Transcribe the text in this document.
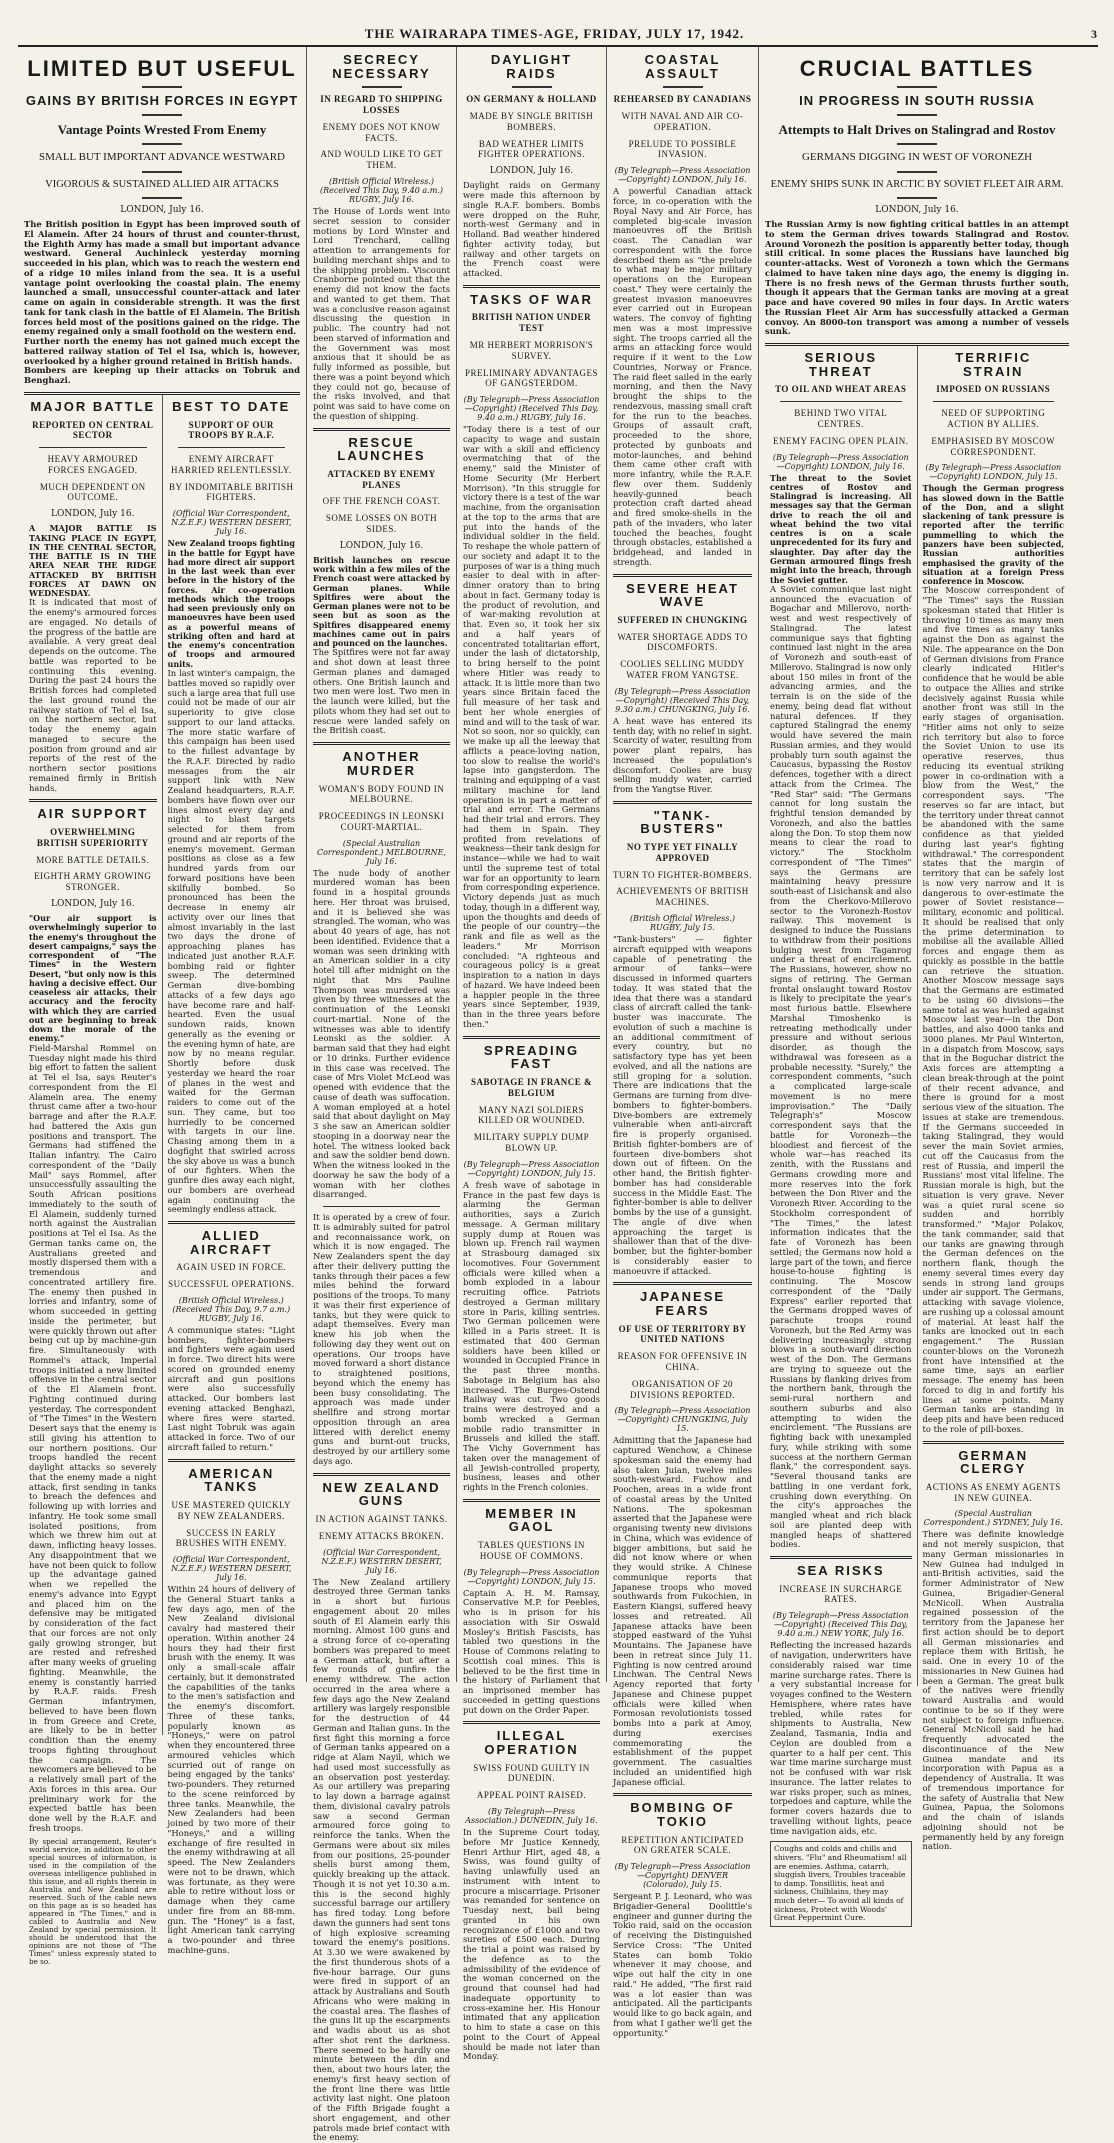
THE WAIRARAPA TIMES-AGE, FRIDAY, JULY 17, 1942.	3
LIMITED BUT USEFUL
GAINS BY BRITISH FORCES IN EGYPT
Vantage Points Wrested From Enemy
SMALL BUT IMPORTANT ADVANCE WESTWARD
VIGOROUS & SUSTAINED ALLIED AIR ATTACKS
LONDON, July 16.

The British position in Egypt has been improved south of El Alamein. After 24 hours of thrust and counter-thrust, the Eighth Army has made a small but important advance westward. General Auchinleck yesterday morning succeeded in his plan, which was to reach the western end of a ridge 10 miles inland from the sea. It is a useful vantage point overlooking the coastal plain. The enemy launched a small, unsuccessful counter-attack and later came on again in considerable strength. It was the first tank for tank clash in the battle of El Alamein. The British forces held most of the positions gained on the ridge. The enemy regained only a small foothold on the western end.

Further north the enemy has not gained much except the battered railway station of Tel el Isa, which is, however, overlooked by a higher ground retained in British hands.

Bombers are keeping up their attacks on Tobruk and Benghazi.

MAJOR BATTLE
REPORTED ON CENTRAL SECTOR
HEAVY ARMOURED FORCES ENGAGED.
MUCH DEPENDENT ON OUTCOME.
LONDON, July 16.

A MAJOR BATTLE IS TAKING PLACE IN EGYPT, IN THE CENTRAL SECTOR, THE BATTLE IS IN THE AREA NEAR THE RIDGE ATTACKED BY BRITISH FORCES AT DAWN ON WEDNESDAY.

It is indicated that most of the enemy's armoured forces are engaged. No details of the progress of the battle are available. A very great deal depends on the outcome. The battle was reported to be continuing this evening. During the past 24 hours the British forces had completed the last ground round the railway station of Tel el Isa, on the northern sector, but today the enemy again managed to secure the position from ground and air reports of the rest of the northern sector positions remained firmly in British hands.

AIR SUPPORT
OVERWHELMING BRITISH SUPERIORITY
MORE BATTLE DETAILS.
EIGHTH ARMY GROWING STRONGER.
LONDON, July 16.

"Our air support is overwhelmingly superior to the enemy's throughout the desert campaigns," says the correspondent of "The Times" in the Western Desert, "but only now is this having a decisive effect. Our ceaseless air attacks, their accuracy and the ferocity with which they are carried out are beginning to break down the morale of the enemy."

Field-Marshal Rommel on Tuesday night made his third big effort to fatten the salient at Tel el Isa, says Reuter's correspondent from the El Alamein area. The enemy thrust came after a two-hour barrage and after the R.A.F. had battered the Axis gun positions and transport. The Germans had stiffened the Italian infantry. The Cairo correspondent of the "Daily Mail" says Rommel, after unsuccessfully assaulting the South African positions immediately to the south of El Alamein, suddenly turned north against the Australian positions at Tel el Isa. As the German tanks came on, the Australians greeted and mostly dispersed them with a tremendous and concentrated artillery fire. The enemy then pushed in lorries and infantry, some of whom succeeded in getting inside the perimeter, but were quickly thrown out after being cut up by machine-gun fire. Simultaneously with Rommel's attack, Imperial troops initiated a new limited offensive in the central sector of the El Alamein front. Fighting continued during yesterday. The correspondent of "The Times" in the Western Desert says that the enemy is still giving his attention to our northern positions. Our troops handled the recent daylight attacks so severely that the enemy made a night attack, first sending in tanks to breach the defences and following up with lorries and infantry. He took some small isolated positions, from which we threw him out at dawn, inflicting heavy losses. Any disappointment that we have not been quick to follow up the advantage gained when we repelled the enemy's advance into Egypt and placed him on the defensive may be mitigated by consideration of the fact that our forces are not only gaily growing stronger, but are rested and refreshed after many weeks of grueling fighting. Meanwhile, the enemy is constantly harried by R.A.F. raids. Fresh German infantrymen, believed to have been flown in from Greece and Crete, are likely to be in better condition than the enemy troops fighting throughout the campaign. The newcomers are believed to be a relatively small part of the Axis forces in this area. Our preliminary work for the expected battle has been done well by the R.A.F. and fresh troops.

By special arrangement, Reuter's world service, in addition to other special sources of information, is used in the compilation of the overseas intelligence published in this issue, and all rights therein in Australia and New Zealand are reserved. Such of the cable news on this page as is so headed has appeared in "The Times," and is cabled to Australia and New Zealand by special permission. It should be understood that the opinions are not those of "The Times" unless expressly stated to be so.

BEST TO DATE
SUPPORT OF OUR TROOPS BY R.A.F.
ENEMY AIRCRAFT HARRIED RELENTLESSLY.
BY INDOMITABLE BRITISH FIGHTERS.
(Official War Correspondent, N.Z.E.F.) WESTERN DESERT, July 16.

New Zealand troops fighting in the battle for Egypt have had more direct air support in the last week than ever before in the history of the forces. Air co-operation methods which the troops had seen previously only on manoeuvres have been used as a powerful means of striking often and hard at the enemy's concentration of troops and armoured units.

In last winter's campaign, the battles moved so rapidly over such a large area that full use could not be made of our air superiority to give close support to our land attacks. The more static warfare of this campaign has been used to the fullest advantage by the R.A.F. Directed by radio messages from the air support link with New Zealand headquarters, R.A.F. bombers have flown over our lines almost every day and night to blast targets selected for them from ground and air reports of the enemy's movement. German positions as close as a few hundred yards from our forward positions have been skilfully bombed. So pronounced has been the decrease in enemy air activity over our lines that almost invariably in the last two days the drone of approaching planes has indicated just another R.A.F. bombing raid or fighter sweep. The determined German dive-bombing attacks of a few days ago have become rare and half-hearted. Even the usual sundown raids, known generally as the evening or the evening hymn of hate, are now by no means regular. Shortly before dusk yesterday we heard the roar of planes in the west and waited for the German raiders to come out of the sun. They came, but too hurriedly to be concerned with targets in our line. Chasing among them in a dogfight that swirled across the sky above us was a bunch of our fighters. When the gunfire dies away each night, our bombers are overhead again continuing the seemingly endless attack.

ALLIED AIRCRAFT
AGAIN USED IN FORCE.
SUCCESSFUL OPERATIONS.
(British Official Wireless.) (Received This Day, 9.7 a.m.) RUGBY, July 16.

A communique states: "Light bombers, fighter-bombers and fighters were again used in force. Two direct hits were scored on grounded enemy aircraft and gun positions were also successfully attacked. Our bombers last evening attacked Benghazi, where fires were started. Last night Tobruk was again attacked in force. Two of our aircraft failed to return."

AMERICAN TANKS
USE MASTERED QUICKLY BY NEW ZEALANDERS.
SUCCESS IN EARLY BRUSHES WITH ENEMY.
(Official War Correspondent, N.Z.E.F.) WESTERN DESERT, July 16.

Within 24 hours of delivery of the General Stuart tanks a few days ago, men of the New Zealand divisional cavalry had mastered their operation. Within another 24 hours they had their first brush with the enemy. It was only a small-scale affair certainly, but it demonstrated the capabilities of the tanks to the men's satisfaction and the enemy's discomfort. Three of these tanks, popularly known as "Honeys," were on patrol when they encountered three armoured vehicles which scurried out of range on being engaged by the tanks' two-pounders. They returned to the scene reinforced by three tanks. Meanwhile, the New Zealanders had been joined by two more of their "Honeys," and a willing exchange of fire resulted in the enemy withdrawing at all speed. The New Zealanders were not to be drawn, which was fortunate, as they were able to retire without loss or damage when they came under fire from an 88-mm. gun. The "Honey" is a fast, light American tank carrying a two-pounder and three machine-guns.

SECRECY NECESSARY
IN REGARD TO SHIPPING LOSSES
ENEMY DOES NOT KNOW FACTS.
AND WOULD LIKE TO GET THEM.
(British Official Wireless.) (Received This Day, 9.40 a.m.) RUGBY, July 16.

The House of Lords went into secret session to consider motions by Lord Winster and Lord Trenchard, calling attention to arrangements for building merchant ships and to the shipping problem. Viscount Cranborne pointed out that the enemy did not know the facts and wanted to get them. That was a conclusive reason against discussing the question in public. The country had not been starved of information and the Government was most anxious that it should be as fully informed as possible, but there was a point beyond which they could not go, because of the risks involved, and that point was said to have come on the question of shipping.

RESCUE LAUNCHES
ATTACKED BY ENEMY PLANES
OFF THE FRENCH COAST.
SOME LOSSES ON BOTH SIDES.
LONDON, July 16.

British launches on rescue work within a few miles of the French coast were attacked by German planes. While Spitfires were about the German planes were not to be seen but as soon as the Spitfires disappeared enemy machines came out in pairs and pounced on the launches.

The Spitfires were not far away and shot down at least three German planes and damaged others. One British launch and two men were lost. Two men in the launch were killed, but the pilots whom they had set out to rescue were landed safely on the British coast.

ANOTHER MURDER
WOMAN'S BODY FOUND IN MELBOURNE.
PROCEEDINGS IN LEONSKI COURT-MARTIAL.
(Special Australian Correspondent.) MELBOURNE, July 16.

The nude body of another murdered woman has been found in a hospital grounds here. Her throat was bruised, and it is believed she was strangled. The woman, who was about 40 years of age, has not been identified. Evidence that a woman was seen drinking with an American soldier in a city hotel till after midnight on the night that Mrs Pauline Thompson was murdered was given by three witnesses at the continuation of the Leonski court-martial. None of the witnesses was able to identify Leonski as the soldier. A barman said that they had eight or 10 drinks. Further evidence in this case was received. The case of Mrs Violet McLeod was opened with evidence that the cause of death was suffocation. A woman employed at a hotel said that about daylight on May 3 she saw an American soldier stooping in a doorway near the hotel. The witness looked back and saw the soldier bend down. When the witness looked in the doorway he saw the body of a woman with her clothes disarranged.

It is operated by a crew of four. It is admirably suited for patrol and reconnaissance work, on which it is now engaged. The New Zealanders spent the day after their delivery putting the tanks through their paces a few miles behind the forward positions of the troops. To many it was their first experience of tanks, but they were quick to adapt themselves. Every man knew his job when the following day they went out on operations. Our troops have moved forward a short distance to straightened positions, beyond which the enemy has been busy consolidating. The approach was made under shellfire and strong mortar opposition through an area littered with derelict enemy guns and burnt-out trucks, destroyed by our artillery some days ago.

NEW ZEALAND GUNS
IN ACTION AGAINST TANKS.
ENEMY ATTACKS BROKEN.
(Official War Correspondent, N.Z.E.F.) WESTERN DESERT, July 16.

The New Zealand artillery destroyed three German tanks in a short but furious engagement about 20 miles south of El Alamein early this morning. Almost 100 guns and a strong force of co-operating bombers was prepared to meet a German attack, but after a few rounds of gunfire the enemy withdrew. The action occurred in the area where a few days ago the New Zealand artillery was largely responsible for the destruction of 44 German and Italian guns. In the first fight this morning a force of German tanks appeared on a ridge at Alam Nayil, which we had used most successfully as an observation post yesterday. As our artillery was preparing to lay down a barrage against them, divisional cavalry patrols saw a second German armoured force going to reinforce the tanks. When the Germans were about six miles from our positions, 25-pounder shells burst among them, quickly breaking up the attack. Though it is not yet 10.30 a.m. this is the second highly successful barrage our artillery has fired today. Long before dawn the gunners had sent tons of high explosive screaming toward the enemy's positions. At 3.30 we were awakened by the first thunderous shots of a five-hour barrage. Our guns were fired in support of an attack by Australians and South Africans who were making in the coastal area. The flashes of the guns lit up the escarpments and wadis about us as shot after shot rent the darkness. There seemed to be hardly one minute between the din and then, about two hours later, the enemy's first heavy section of the front line there was little activity last night. One platoon of the Fifth Brigade fought a short engagement, and other patrols made brief contact with the enemy.

DAYLIGHT RAIDS
ON GERMANY & HOLLAND
MADE BY SINGLE BRITISH BOMBERS.
BAD WEATHER LIMITS FIGHTER OPERATIONS.
LONDON, July 16.

Daylight raids on Germany were made this afternoon by single R.A.F. bombers. Bombs were dropped on the Ruhr, north-west Germany and in Holland. Bad weather hindered fighter activity today, but railway and other targets on the French coast were attacked.

TASKS OF WAR
BRITISH NATION UNDER TEST
MR HERBERT MORRISON'S SURVEY.
PRELIMINARY ADVANTAGES OF GANGSTERDOM.
(By Telegraph—Press Association—Copyright) (Received This Day, 9.40 a.m.) RUGBY, July 16.

"Today there is a test of our capacity to wage and sustain war with a skill and efficiency overmatching that of the enemy," said the Minister of Home Security (Mr Herbert Morrison). "In this struggle for victory there is a test of the war machine, from the organisation at the top to the arms that are put into the hands of the individual soldier in the field. To reshape the whole pattern of our society and adapt it to the purposes of war is a thing much easier to deal with in after-dinner oratory than to bring about in fact. Germany today is the product of revolution, and of war-making revolution at that. Even so, it took her six and a half years of concentrated totalitarian effort, under the lash of dictatorship, to bring herself to the point where Hitler was ready to attack. It is little more than two years since Britain faced the full measure of her task and bent her whole energies of mind and will to the task of war. Not so soon, nor so quickly, can we make up all the leeway that afflicts a peace-loving nation, too slow to realise the world's lapse into gangsterdom. The training and equipping of a vast military machine for land operation is in part a matter of trial and error. The Germans had their trial and errors. They had them in Spain. They profited from revelations of weakness—their tank design for instance—while we had to wait until the supreme test of total war for an opportunity to learn from corresponding experience. Victory depends just as much today, though in a different way, upon the thoughts and deeds of the people of our country—the rank and file as well as the leaders." Mr Morrison concluded: "A righteous and courageous policy is a great inspiration to a nation in days of hazard. We have indeed been a happier people in the three years since September, 1939, than in the three years before then."

SPREADING FAST
SABOTAGE IN FRANCE & BELGIUM
MANY NAZI SOLDIERS KILLED OR WOUNDED.
MILITARY SUPPLY DUMP BLOWN UP.
(By Telegraph—Press Association—Copyright) LONDON, July 15.

A fresh wave of sabotage in France in the past few days is alarming the German authorities, says a Zurich message. A German military supply dump at Rouen was blown up. French rail waymen at Strasbourg damaged six locomotives. Four Government officials were killed when a bomb exploded in a labour recruiting office. Patriots destroyed a German military store in Paris, killing sentries. Two German policemen were killed in a Paris street. It is estimated that 400 German soldiers have been killed or wounded in Occupied France in the past three months. Sabotage in Belgium has also increased. The Burges-Ostend Railway was cut. Two goods trains were destroyed and a bomb wrecked a German mobile radio transmitter in Brussels and killed the staff. The Vichy Government has taken over the management of all Jewish-controlled property, business, leases and other rights in the French colonies.

MEMBER IN GAOL
TABLES QUESTIONS IN HOUSE OF COMMONS.
(By Telegraph—Press Association—Copyright) LONDON, July 15.

Captain A. H. M. Ramsay, Conservative M.P. for Peebles, who is in prison for his association with Sir Oswald Mosley's British Fascists, has tabled two questions in the House of Commons relating to Scottish coal mines. This is believed to be the first time in the history of Parliament that an imprisoned member has succeeded in getting questions put down on the Order Paper.

ILLEGAL OPERATION
SWISS FOUND GUILTY IN DUNEDIN.
APPEAL POINT RAISED.
(By Telegraph—Press Association.) DUNEDIN, July 16.

In the Supreme Court today, before Mr Justice Kennedy, Henri Arthur Hirt, aged 48, a Swiss, was found guilty of having unlawfully used an instrument with intent to procure a miscarriage. Prisoner was remanded for sentence on Tuesday next, bail being granted in his own recognizance of £1000 and two sureties of £500 each. During the trial a point was raised by the defence as to the admissibility of the evidence of the woman concerned on the ground that counsel had had inadequate opportunity to cross-examine her. His Honour intimated that any application to him to state a case on this point to the Court of Appeal should be made not later than Monday.

COASTAL ASSAULT
REHEARSED BY CANADIANS
WITH NAVAL AND AIR CO-OPERATION.
PRELUDE TO POSSIBLE INVASION.
(By Telegraph—Press Association—Copyright) LONDON, July 16.

A powerful Canadian attack force, in co-operation with the Royal Navy and Air Force, has completed big-scale invasion manoeuvres off the British coast. The Canadian war correspondent with the force described them as "the prelude to what may be major military operations on the European coast." They were certainly the greatest invasion manoeuvres ever carried out in European waters. The convoy of fighting men was a most impressive sight. The troops carried all the arms an attacking force would require if it went to the Low Countries, Norway or France. The raid fleet sailed in the early morning, and then the Navy brought the ships to the rendezvous, massing small craft for the run to the beaches. Groups of assault craft, proceeded to the shore, protected by gunboats and motor-launches, and behind them came other craft with more infantry, while the R.A.F. flew over them. Suddenly heavily-gunned beach protection craft darted ahead and fired smoke-shells in the path of the invaders, who later touched the beaches, fought through obstacles, established a bridgehead, and landed in strength.

SEVERE HEAT WAVE
SUFFERED IN CHUNGKING
WATER SHORTAGE ADDS TO DISCOMFORTS.
COOLIES SELLING MUDDY WATER FROM YANGTSE.
(By Telegraph—Press Association—Copyright) (Received This Day, 9.30 a.m.) CHUNGKING, July 16.

A heat wave has entered its tenth day, with no relief in sight. Scarcity of water, resulting from power plant repairs, has increased the population's discomfort. Coolies are busy selling muddy water, carried from the Yangtse River.

"TANK-BUSTERS"
NO TYPE YET FINALLY APPROVED
TURN TO FIGHTER-BOMBERS.
ACHIEVEMENTS OF BRITISH MACHINES.
(British Official Wireless.) RUGBY, July 15.

"Tank-busters" — fighter aircraft equipped with weapons capable of penetrating the armour of tanks—were discussed in informed quarters today. It was stated that the idea that there was a standard class of aircraft called the tank-buster was inaccurate. The evolution of such a machine is an additional commitment of every country, but no satisfactory type has yet been evolved, and all the nations are still groping for a solution. There are indications that the Germans are turning from dive-bombers to fighter-bombers. Dive-bombers are extremely vulnerable when anti-aircraft fire is properly organised. British fighter-bombers are of fourteen dive-bombers shot down out of fifteen. On the other hand, the British fighter-bomber has had considerable success in the Middle East. The fighter-bomber is able to deliver bombs by the use of a gunsight. The angle of dive when approaching the target is shallower than that of the dive-bomber, but the fighter-bomber is considerably easier to manoeuvre if attacked.

JAPANESE FEARS
OF USE OF TERRITORY BY UNITED NATIONS
REASON FOR OFFENSIVE IN CHINA.
ORGANISATION OF 20 DIVISIONS REPORTED.
(By Telegraph—Press Association—Copyright) CHUNGKING, July 15.

Admitting that the Japanese had captured Wenchow, a Chinese spokesman said the enemy had also taken Juian, twelve miles south-westward. Fuchow and Poochen, areas in a wide front of coastal areas by the United Nations. The spokesman asserted that the Japanese were organising twenty new divisions in China, which was evidence of bigger ambitions, but said he did not know where or when they would strike. A Chinese communique reports that Japanese troops who moved southwards from Fukochien, in Eastern Kiangsi, suffered heavy losses and retreated. All Japanese attacks have been stopped eastward of the Yuhsi Mountains. The Japanese have been in retreat since July 11. Fighting is now centred around Linchwan. The Central News Agency reported that forty Japanese and Chinese puppet officials were killed when Formosan revolutionists tossed bombs into a park at Amoy, during exercises commemorating the establishment of the puppet government. The casualties included an unidentified high Japanese official.

BOMBING OF TOKIO
REPETITION ANTICIPATED ON GREATER SCALE.
(By Telegraph—Press Association—Copyright) DENVER (Colorado), July 15.

Sergeant P. J. Leonard, who was Brigadier-General Doolittle's engineer and gunner during the Tokio raid, said on the occasion of receiving the Distinguished Service Cross: "The United States can bomb Tokio whenever it may choose, and wipe out half the city in one raid." He added, "The first raid was a lot easier than was anticipated. All the participants would like to go back again, and from what I gather we'll get the opportunity."

CRUCIAL BATTLES
IN PROGRESS IN SOUTH RUSSIA
Attempts to Halt Drives on Stalingrad and Rostov
GERMANS DIGGING IN WEST OF VORONEZH
ENEMY SHIPS SUNK IN ARCTIC BY SOVIET FLEET AIR ARM.
LONDON, July 16.

The Russian Army is now fighting critical battles in an attempt to stem the German drives towards Stalingrad and Rostov. Around Voronezh the position is apparently better today, though still critical. In some places the Russians have launched big counter-attacks. West of Voronezh a town which the Germans claimed to have taken nine days ago, the enemy is digging in. There is no fresh news of the German thrusts further south, though it appears that the German tanks are moving at a great pace and have covered 90 miles in four days. In Arctic waters the Russian Fleet Air Arm has successfully attacked a German convoy. An 8000-ton transport was among a number of vessels sunk.

SERIOUS THREAT
TO OIL AND WHEAT AREAS
BEHIND TWO VITAL CENTRES.
ENEMY FACING OPEN PLAIN.
(By Telegraph—Press Association—Copyright) LONDON, July 16.

The threat to the Soviet centres of Rostov and Stalingrad is increasing. All messages say that the German drive to reach the oil and wheat behind the two vital centres is on a scale unprecedented for its fury and slaughter. Day after day the German armoured flings fresh might into the breach, through the Soviet gutter.

A Soviet communique last night announced the evacuation of Bogachar and Millerovo, north-west and west respectively of Stalingrad. The latest communique says that fighting continued last night in the area of Voronezh and south-east of Millerovo. Stalingrad is now only about 150 miles in front of the advancing armies, and the terrain is on the side of the enemy, being dead flat without natural defences. If they captured Stalingrad the enemy would have severed the main Russian armies, and they would probably turn south against the Caucasus, bypassing the Rostov defences, together with a direct attack from the Crimea. The "Red Star" said: "The Germans cannot for long sustain the frightful tension demanded by Voronezh, and also the battles along the Don. To stop them now means to clear the road to victory." The Stockholm correspondent of "The Times" says the Germans are maintaining heavy pressure south-east of Lisichansk and also from the Cherkovo-Millerovo sector to the Voronezh-Rostov railway. This movement is designed to induce the Russians to withdraw from their positions bulging west from Taganrog under a threat of encirclement. The Russians, however, show no signs of retiring. The German frontal onslaught toward Rostov is likely to precipitate the year's most furious battle. Elsewhere Marshal Timoshenko is retreating methodically under pressure and without serious disorder, as though the withdrawal was foreseen as a probable necessity. "Surely," the correspondent comments, "such a complicated large-scale movement is no mere improvisation." The "Daily Telegraph's" Moscow correspondent says that the battle for Voronezh—the bloodiest and fiercest of the whole war—has reached its zenith, with the Russians and Germans crowding more and more reserves into the fork between the Don River and the Voronezh River. According to the Stockholm correspondent of "The Times," the latest information indicates that the fate of Voronezh has been settled; the Germans now hold a large part of the town, and fierce house-to-house fighting is continuing. The Moscow correspondent of the "Daily Express" earlier reported that the Germans dropped waves of parachute troops round Voronezh, but the Red Army was delivering increasingly strong blows in a south-ward direction west of the Don. The Germans are trying to squeeze out the Russians by flanking drives from the northern bank, through the semi-rural northern and southern suburbs and also attempting to widen the encirclement. "The Russians are fighting back with unexampled fury, while striking with some success at the northern German flank," the correspondent says. "Several thousand tanks are battling in one verdant fork, crushing down everything. On the city's approaches the mangled wheat and rich black soil are planted deep with mangled heaps of shattered bodies.

SEA RISKS
INCREASE IN SURCHARGE RATES.
(By Telegraph—Press Association—Copyright) (Received This Day, 9.40 a.m.) NEW YORK, July 16.

Reflecting the increased hazards of navigation, underwriters have considerably raised war time marine surcharge rates. There is a very substantial increase for voyages confined to the Western Hemisphere, where rates have trebled, while rates for shipments to Australia, New Zealand, Tasmania, India and Ceylon are doubled from a quarter to a half per cent. This war time marine surcharge must not be confused with war risk insurance. The latter relates to war risks proper, such as mines, torpedoes and capture, while the former covers hazards due to travelling without lights, peace time navigation aids, etc.

Coughs and colds and chills and shivers. "Flu" and Rheumatism! all are enemies. Asthma, catarrh, sluggish livers, Troubles traceable to damp. Tonsillitis, heat and sickness, Chilblains, they may much deter— To avoid all kinds of sickness, Protect with Woods' Great Peppermint Cure.
TERRIFIC STRAIN
IMPOSED ON RUSSIANS
NEED OF SUPPORTING ACTION BY ALLIES.
EMPHASISED BY MOSCOW CORRESPONDENT.
(By Telegraph—Press Association—Copyright) LONDON, July 15.

Though the German progress has slowed down in the Battle of the Don, and a slight slackening of tank pressure is reported after the terrific pummelling to which the panzers have been subjected, Russian authorities emphasised the gravity of the situation at a foreign Press conference in Moscow.

The Moscow correspondent of "The Times" says the Russian spokesman stated that Hitler is throwing 10 times as many men and five times as many tanks against the Don as against the Nile. The appearance on the Don of German divisions from France clearly indicated Hitler's confidence that he would be able to outpace the Allies and strike decisively against Russia while another front was still in the early stages of organisation. "Hitler aims not only to seize rich territory but also to force the Soviet Union to use its operative reserves, thus reducing its eventual striking power in co-ordination with a blow from the West," the correspondent says. "The reserves so far are intact, but the territory under threat cannot be abandoned with the same confidence as that yielded during last year's fighting withdrawal." The correspondent states that the margin of territory that can be safely lost is now very narrow and it is dangerous to over-estimate the power of Soviet resistance—military, economic and political. It should be realised that only the prime determination to mobilise all the available Allied forces and engage them as quickly as possible in the battle can retrieve the situation. Another Moscow message says that the Germans are estimated to be using 60 divisions—the same total as was hurled against Moscow last year—in the Don battles, and also 4000 tanks and 3000 planes. Mr Paul Winterton, in a dispatch from Moscow, says that in the Boguchar district the Axis forces are attempting a clean break-through at the point of their recent advance, and there is ground for a most serious view of the situation. The issues at stake are tremendous. If the Germans succeeded in taking Stalingrad, they would sever the main Soviet armies, cut off the Caucasus from the rest of Russia, and imperil the Russians' most vital lifeline. The Russian morale is high, but the situation is very grave. Never was a quiet rural scene so sudden and horribly transformed." "Major Polakov, the tank commander, said that our tanks are gnawing through the German defences on the northern flank, though the enemy several times every day sends in strong land groups under air support. The Germans, attacking with savage violence, are rushing up a colossal amount of material. At least half the tanks are knocked out in each engagement." The Russian counter-blows on the Voronezh front have intensified at the same time, says an earlier message. The enemy has been forced to dig in and fortify his lines at some points. Many German tanks are standing in deep pits and have been reduced to the role of pill-boxes.

GERMAN CLERGY
ACTIONS AS ENEMY AGENTS IN NEW GUINEA.
(Special Australian Correspondent.) SYDNEY, July 16.

There was definite knowledge and not merely suspicion, that many German missionaries in New Guinea had indulged in anti-British activities, said the former Administrator of New Guinea, Brigadier-General McNicoll. When Australia regained possession of the territory from the Japanese her first action should be to deport all German missionaries and replace them with British, he said. One in every 10 of the missionaries in New Guinea had been a German. The great bulk of the natives were friendly toward Australia and would continue to be so if they were not subject to foreign influence. General McNicoll said he had frequently advocated the discontinuance of the New Guinea mandate and its incorporation with Papua as a dependency of Australia. It was of tremendous importance for the safety of Australia that New Guinea, Papua, the Solomons and the chain of islands adjoining should not be permanently held by any foreign nation.
